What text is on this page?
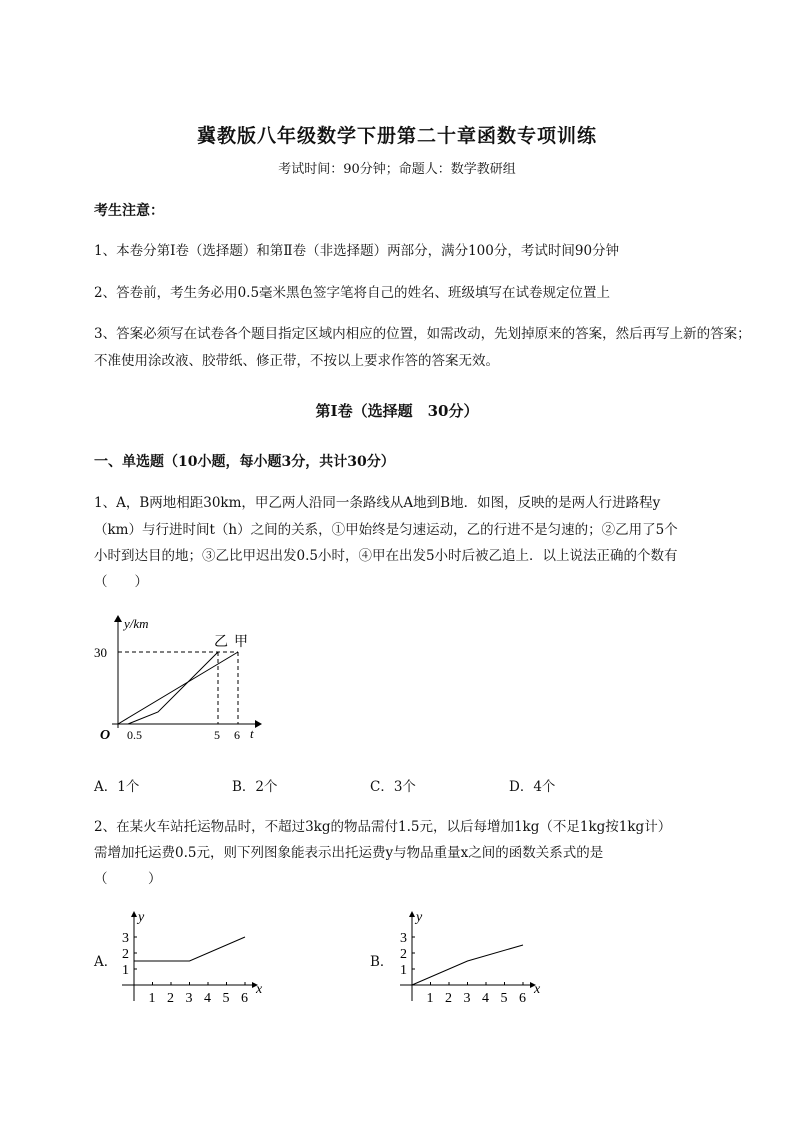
冀教版八年级数学下册第二十章函数专项训练
考试时间：90分钟；命题人：数学教研组
考生注意：
1、本卷分第I卷（选择题）和第Ⅱ卷（非选择题）两部分，满分100分，考试时间90分钟
2、答卷前，考生务必用0.5毫米黑色签字笔将自己的姓名、班级填写在试卷规定位置上
3、答案必须写在试卷各个题目指定区域内相应的位置，如需改动，先划掉原来的答案，然后再写上新的答案；不准使用涂改液、胶带纸、修正带，不按以上要求作答的答案无效。
第I卷（选择题　30分）
一、单选题（10小题，每小题3分，共计30分）
1、A，B两地相距30km，甲乙两人沿同一条路线从A地到B地．如图，反映的是两人行进路程y
（km）与行进时间t（h）之间的关系，①甲始终是匀速运动，乙的行进不是匀速的；②乙用了5个
小时到达目的地；③乙比甲迟出发0.5小时，④甲在出发5小时后被乙追上．以上说法正确的个数有
（　　）
y/km
t
O
30
0.5	5 6
乙 甲
A．1个	B．2个	C．3个	D．4个
2、在某火车站托运物品时，不超过3kg的物品需付1.5元，以后每增加1kg（不足1kg按1kg计）
需增加托运费0.5元，则下列图象能表示出托运费y与物品重量x之间的函数关系式的是
（　　　）
A．
y
x
1
2
3
1 2 3 4 5 6
B．
y
x
1
2
3
1 2 3 4 5 6
